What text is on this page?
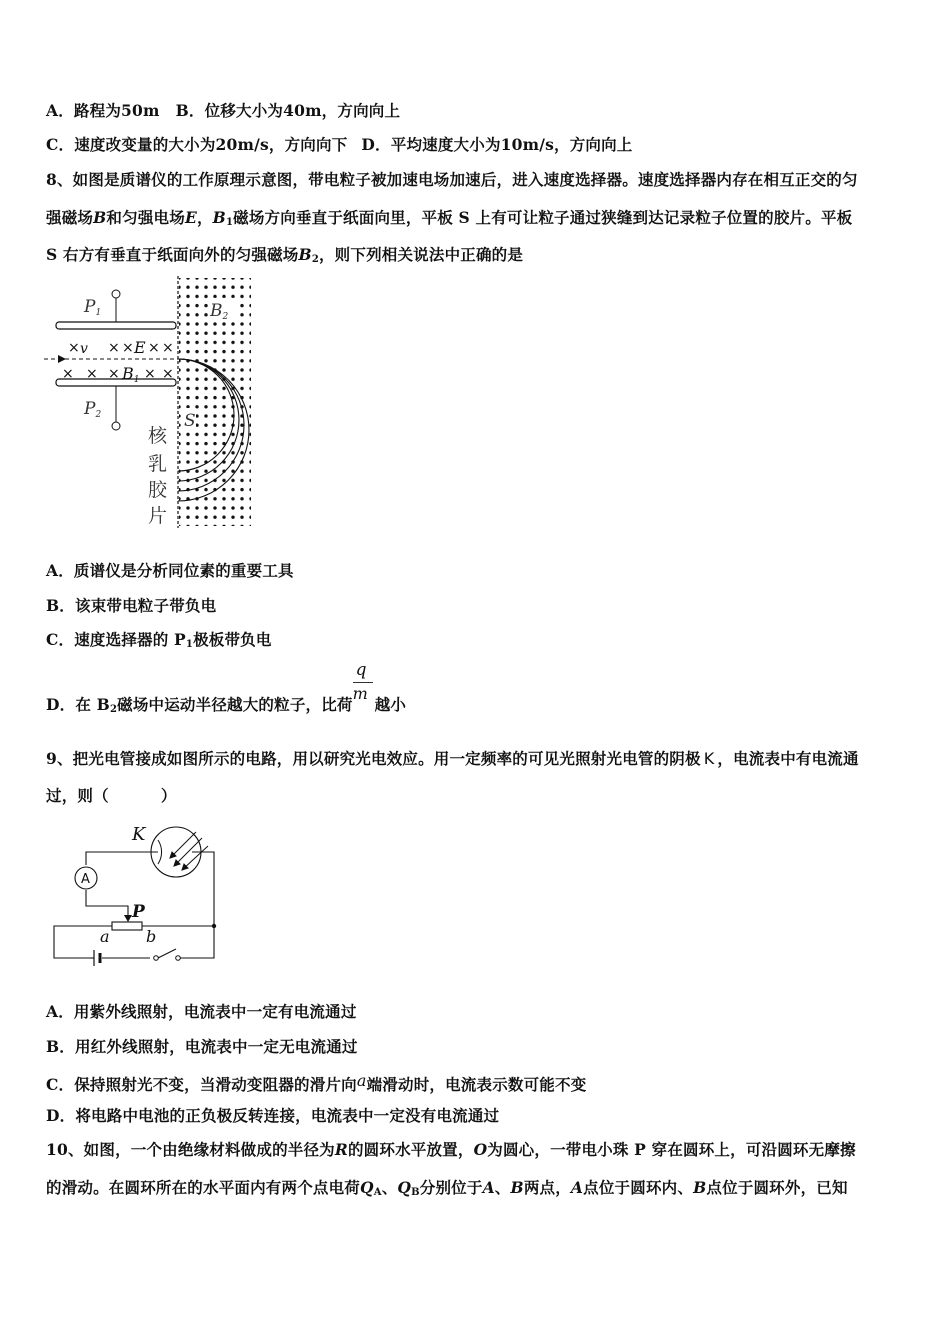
A．路程为50m B．位移大小为40m，方向向上
C．速度改变量的大小为20m/s，方向向下 D．平均速度大小为10m/s，方向向上
8、如图是质谱仪的工作原理示意图，带电粒子被加速电场加速后，进入速度选择器。速度选择器内存在相互正交的匀
强磁场B和匀强电场E，$B_1$磁场方向垂直于纸面向里，平板 S 上有可让粒子通过狭缝到达记录粒子位置的胶片。平板
S 右方有垂直于纸面向外的匀强磁场$B_2$，则下列相关说法中正确的是
× × × × ×
× × × × ×
P1
P2
v	E
B1
B2
S
核
乳
胶
片
A．质谱仪是分析同位素的重要工具
B．该束带电粒子带负电
C．速度选择器的 $P_1$极板带负电
D．在 $B_2$磁场中运动半径越大的粒子，比荷 $\frac{q}{m}$ 越小
9、把光电管接成如图所示的电路，用以研究光电效应。用一定频率的可见光照射光电管的阴极 K ，电流表中有电流通
过，则（	）
A
K
P
a b
A．用紫外线照射，电流表中一定有电流通过
B．用红外线照射，电流表中一定无电流通过
C．保持照射光不变，当滑动变阻器的滑片向a端滑动时，电流表示数可能不变
D．将电路中电池的正负极反转连接，电流表中一定没有电流通过
10、如图，一个由绝缘材料做成的半径为R的圆环水平放置，O为圆心，一带电小珠 P 穿在圆环上，可沿圆环无摩擦
的滑动。在圆环所在的水平面内有两个点电荷$Q_A$、$Q_B$分别位于A、B两点，A点位于圆环内、B点位于圆环外，已知
